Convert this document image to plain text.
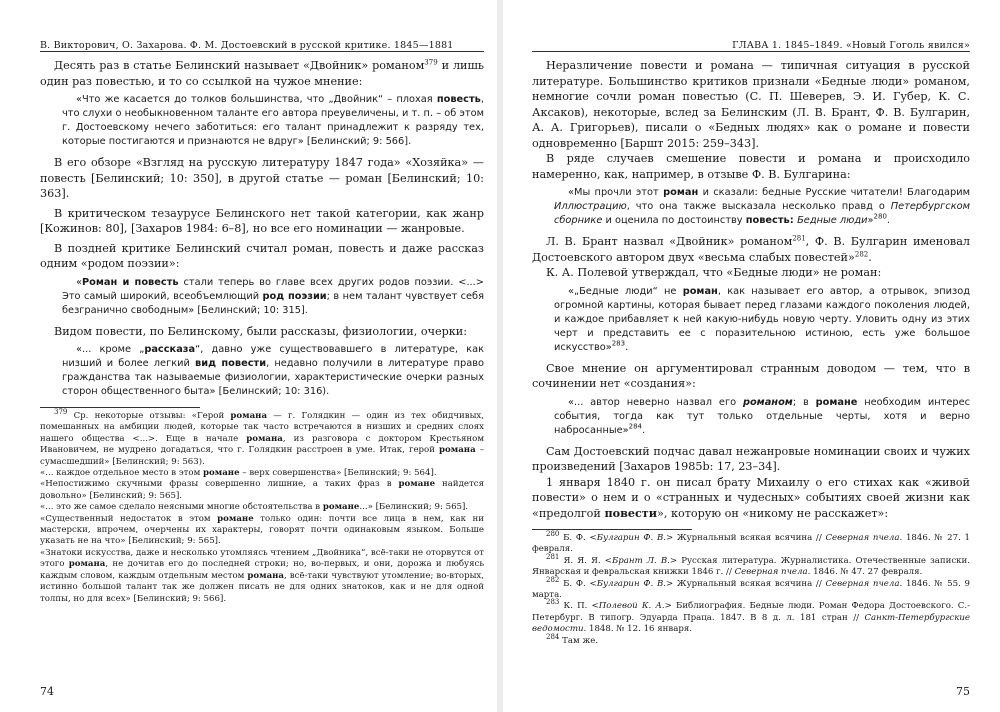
В. Викторович, О. Захарова. Ф. М. Достоевский в русской критике. 1845—1881

Десять раз в статье Белинский называет «Двойник» романом$^{379}$ и лишь один раз повестью, и то со ссылкой на чужое мнение:

«Что же касается до толков большинства, что „Двойник“ – плохая повесть, что слухи о необыкновенном таланте его автора преувеличены, и т. п. – об этом г. Достоевскому нечего заботиться: его талант принадлежит к разряду тех, которые постигаются и признаются не вдруг» [Белинский; 9: 566].

В его обзоре «Взгляд на русскую литературу 1847 года» «Хозяйка» — повесть [Белинский; 10: 350], в другой статье — роман [Белинский; 10: 363].

В критическом тезаурусе Белинского нет такой категории, как жанр [Кожинов: 80], [Захаров 1984: 6–8], но все его номинации — жанровые.

В поздней критике Белинский считал роман, повесть и даже рассказ одним «родом поэзии»:

«Роман и повесть стали теперь во главе всех других родов поэзии. <...> Это самый широкий, всеобъемлющий род поэзии; в нем талант чувствует себя безгранично свободным» [Белинский; 10: 315].

Видом повести, по Белинскому, были рассказы, физиологии, очерки:

«... кроме „рассказа“, давно уже существовавшего в литературе, как низший и более легкий вид повести, недавно получили в литературе право гражданства так называемые физиологии, характеристические очерки разных сторон общественного быта» [Белинский; 10: 316).

$^{379}$ Ср. некоторые отзывы: «Герой романа — г. Голядкин — один из тех обидчивых, помешанных на амбиции людей, которые так часто встречаются в низших и средних слоях нашего общества <...>. Еще в начале романа, из разговора с доктором Крестьяном Ивановичем, не мудрено догадаться, что г. Голядкин расстроен в уме. Итак, герой романа – сумасшедший» [Белинский; 9: 563).

«... каждое отдельное место в этом романе – верх совершенства» [Белинский; 9: 564].

«Непостижимо скучными фразы совершенно лишние, а таких фраз в романе найдется довольно» [Белинский; 9: 565].

«... это же самое сделало неясными многие обстоятельства в романе...» [Белинский; 9: 565].

«Существенный недостаток в этом романе только один: почти все лица в нем, как ни мастерски, впрочем, очерчены их характеры, говорят почти одинаковым языком. Больше указать не на что» [Белинский; 9: 565].

«Знатоки искусства, даже и несколько утомляясь чтением „Двойника“, всё-таки не оторвутся от этого романа, не дочитав его до последней строки; но, во-первых, и они, дорожа и любуясь каждым словом, каждым отдельным местом романа, всё-таки чувствуют утомление; во-вторых, истинно большой талант так же должен писать не для одних знатоков, как и не для одной толпы, но для всех» [Белинский; 9: 566].

74
ГЛАВА 1. 1845–1849. «Новый Гоголь явился»

Неразличение повести и романа — типичная ситуация в русской литературе. Большинство критиков признали «Бедные люди» романом, немногие сочли роман повестью (С. П. Шеверев, Э. И. Губер, К. С. Аксаков), некоторые, вслед за Белинским (Л. В. Брант, Ф. В. Булгарин, А. А. Григорьев), писали о «Бедных людях» как о романе и повести одновременно [Баршт 2015: 259–343].

В ряде случаев смешение повести и романа и происходило намеренно, как, например, в отзыве Ф. В. Булгарина:

«Мы прочли этот роман и сказали: бедные Русские читатели! Благодарим Иллюстрацию, что она также высказала несколько правд о Петербургском сборнике и оценила по достоинству повесть: Бедные люди»$^{280}$.

Л. В. Брант назвал «Двойник» романом$^{281}$, Ф. В. Булгарин именовал Достоевского автором двух «весьма слабых повестей»$^{282}$.

К. А. Полевой утверждал, что «Бедные люди» не роман:

«„Бедные люди“ не роман, как называет его автор, а отрывок, эпизод огромной картины, которая бывает перед глазами каждого поколения людей, и каждое прибавляет к ней какую-нибудь новую черту. Уловить одну из этих черт и представить ее с поразительною истиною, есть уже большое искусство»$^{283}$.

Свое мнение он аргументировал странным доводом — тем, что в сочинении нет «создания»:

«... автор неверно назвал его романом; в романе необходим интерес события, тогда как тут только отдельные черты, хотя и верно набросанные»$^{284}$.

Сам Достоевский подчас давал нежанровые номинации своих и чужих произведений [Захаров 1985b: 17, 23–34].

1 января 1840 г. он писал брату Михаилу о его стихах как «живой повести» о нем и о «странных и чудесных» событиях своей жизни как «предолгой повести», которую он «никому не расскажет»:

$^{280}$ Б. Ф. <Булгарин Ф. В.> Журнальный всякая всячина // Северная пчела. 1846. № 27. 1 февраля.

$^{281}$ Я. Я. Я. <Брант Л. В.> Русская литература. Журналистика. Отечественные записки. Январская и февральская книжки 1846 г. // Северная пчела. 1846. № 47. 27 февраля.

$^{282}$ Б. Ф. <Булгарин Ф. В.> Журнальный всякая всячина // Северная пчела. 1846. № 55. 9 марта.

$^{283}$ К. П. <Полевой К. А.> Библиография. Бедные люди. Роман Федора Достоевского. С.-Петербург. В типогр. Эдуарда Праца. 1847. В 8 д. л. 181 стран // Санкт-Петербургские ведомости. 1848. № 12. 16 января.

$^{284}$ Там же.

75
